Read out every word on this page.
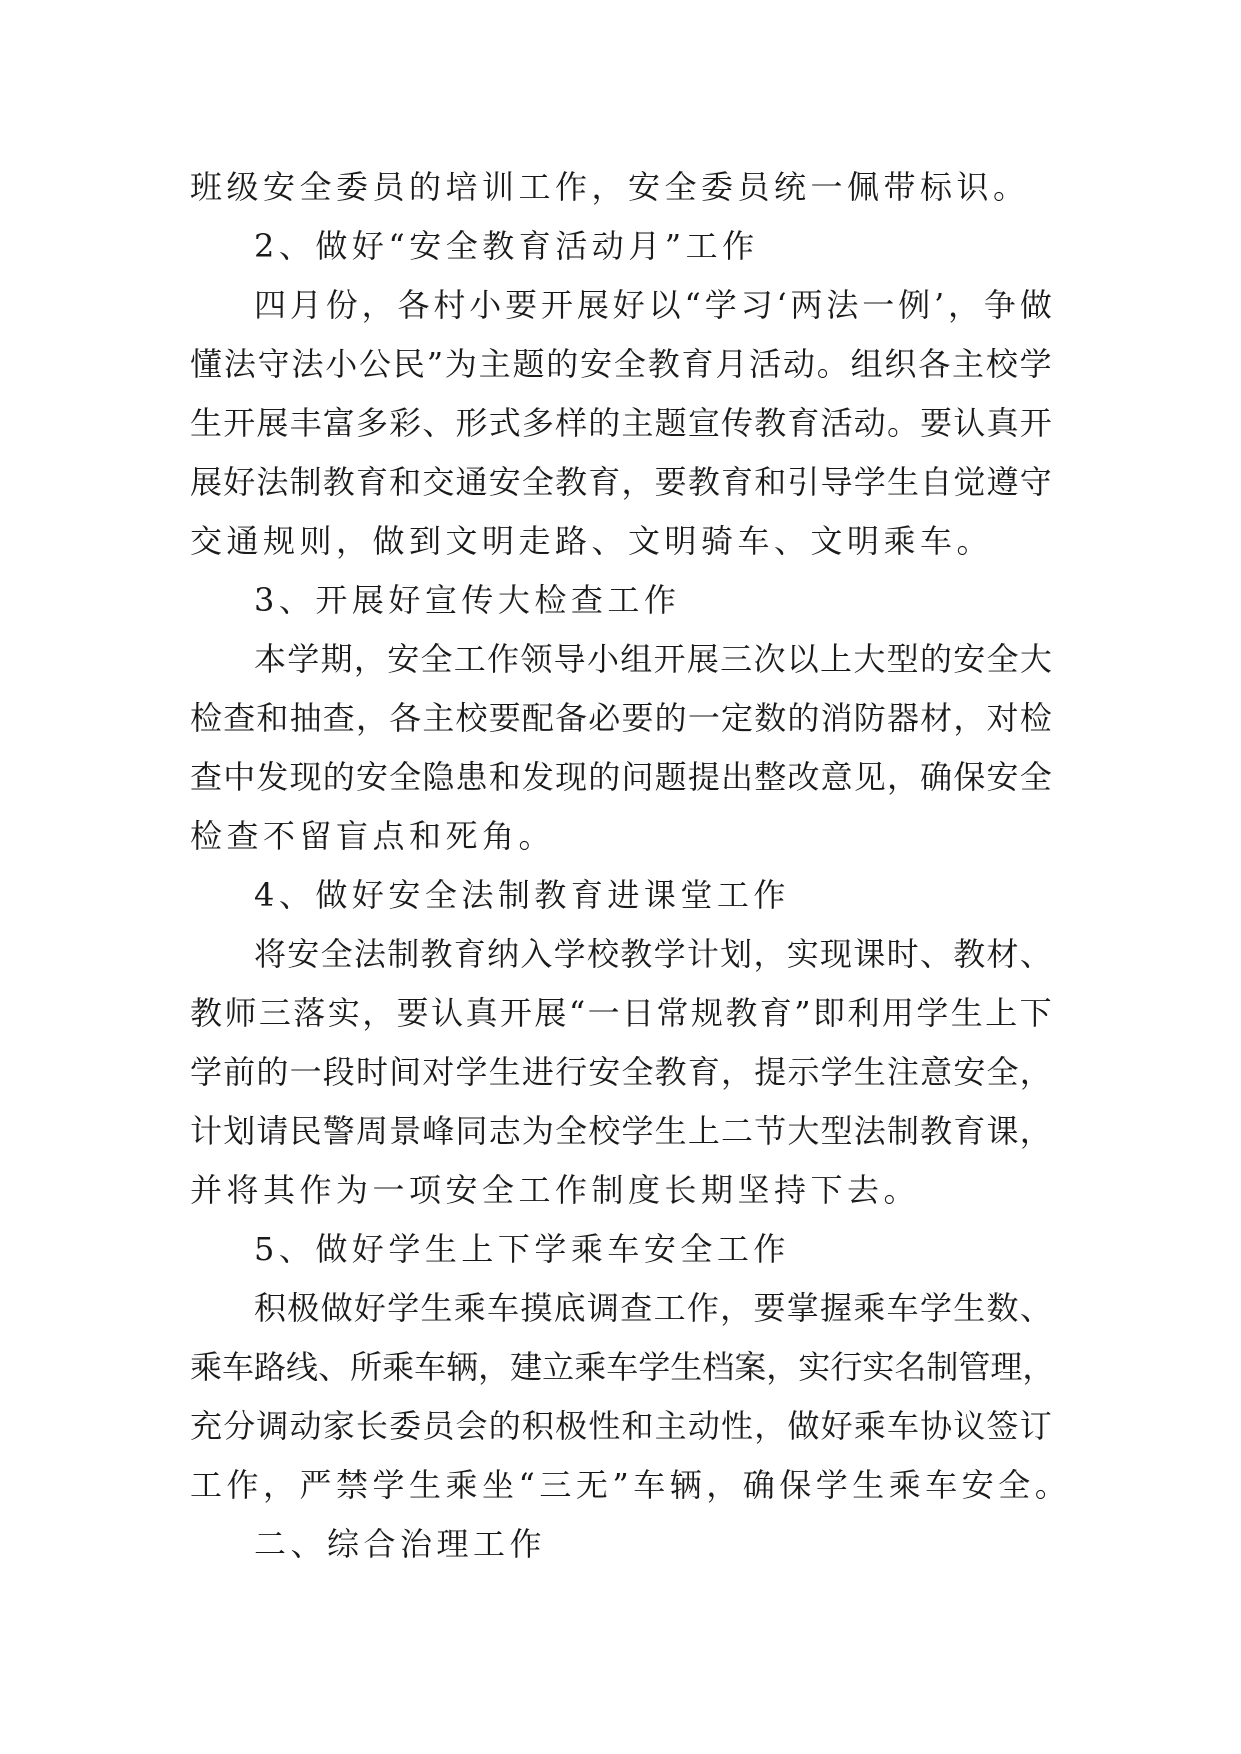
班级安全委员的培训工作，安全委员统一佩带标识。
2、做好“安全教育活动月”工作
四 月 份 ， 各 村 小 要 开 展 好 以 “ 学 习 ‘ 两 法 一 例 ’ ， 争 做
懂 法 守 法 小 公 民 ” 为 主 题 的 安 全 教 育 月 活 动 。 组 织 各 主 校 学
生 开 展 丰 富 多 彩 、 形 式 多 样 的 主 题 宣 传 教 育 活 动 。 要 认 真 开
展 好 法 制 教 育 和 交 通 安 全 教 育 ， 要 教 育 和 引 导 学 生 自 觉 遵 守
交通规则，做到文明走路、文明骑车、文明乘车。
3、开展好宣传大检查工作
本 学 期 ， 安 全 工 作 领 导 小 组 开 展 三 次 以 上 大 型 的 安 全 大
检 查 和 抽 查 ， 各 主 校 要 配 备 必 要 的 一 定 数 的 消 防 器 材 ， 对 检
查 中 发 现 的 安 全 隐 患 和 发 现 的 问 题 提 出 整 改 意 见 ， 确 保 安 全
检查不留盲点和死角。
4、做好安全法制教育进课堂工作
将 安 全 法 制 教 育 纳 入 学 校 教 学 计 划 ， 实 现 课 时 、 教 材 、
教 师 三 落 实 ， 要 认 真 开 展 “ 一 日 常 规 教 育 ” 即 利 用 学 生 上 下
学 前 的 一 段 时 间 对 学 生 进 行 安 全 教 育 ， 提 示 学 生 注 意 安 全 ，
计 划 请 民 警 周 景 峰 同 志 为 全 校 学 生 上 二 节 大 型 法 制 教 育 课 ，
并将其作为一项安全工作制度长期坚持下去。
5、做好学生上下学乘车安全工作
积 极 做 好 学 生 乘 车 摸 底 调 查 工 作 ， 要 掌 握 乘 车 学 生 数 、
乘 车 路 线 、 所 乘 车 辆 ， 建 立 乘 车 学 生 档 案 ， 实 行 实 名 制 管 理 ，
充 分 调 动 家 长 委 员 会 的 积 极 性 和 主 动 性 ， 做 好 乘 车 协 议 签 订
工作，严禁学生乘坐“三无”车辆，确保学生乘车安全。
二、综合治理工作
